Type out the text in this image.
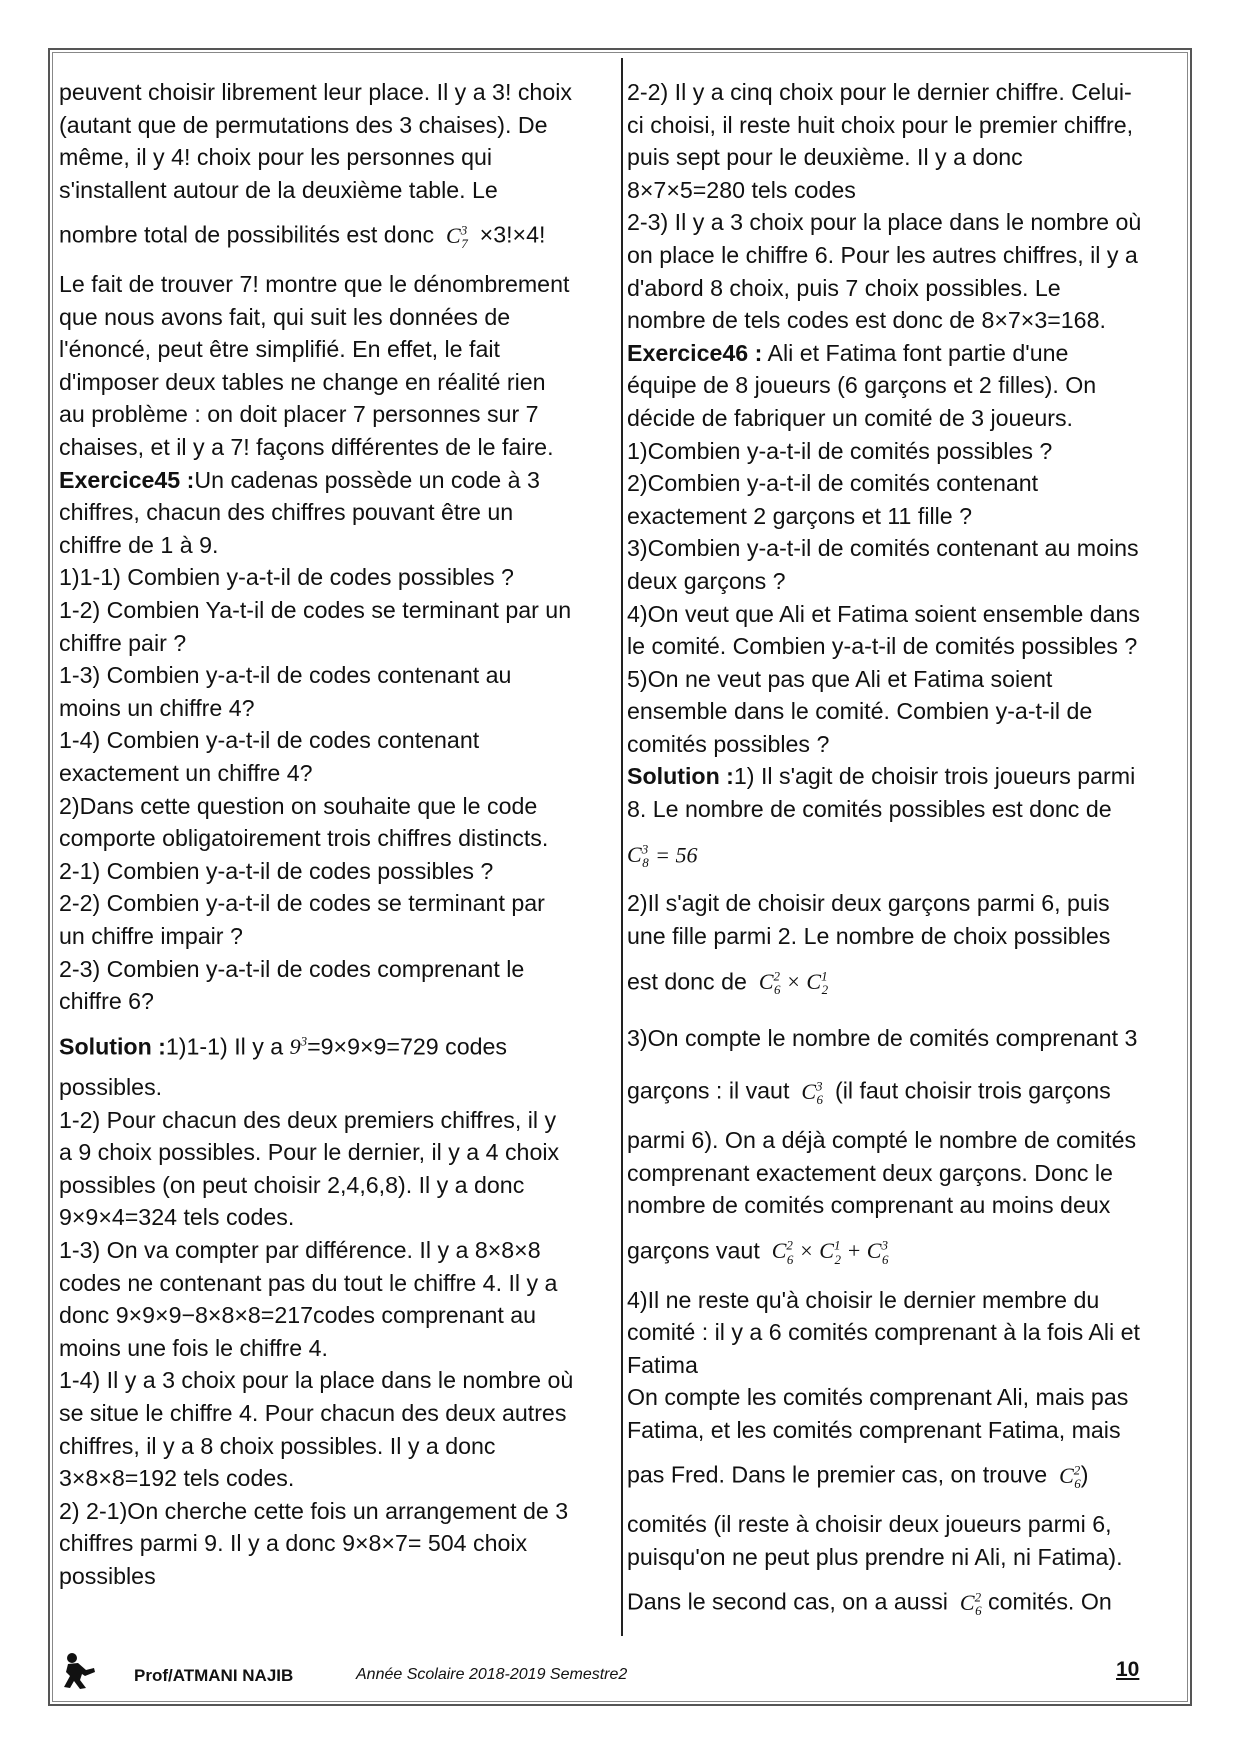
peuvent choisir librement leur place. Il y a 3! choix
(autant que de permutations des 3 chaises). De
même, il y 4! choix pour les personnes qui
s'installent autour de la deuxième table. Le
nombre total de possibilités est donc  $C^3_7 \times 3!\times 4$!
Le fait de trouver 7! montre que le dénombrement
que nous avons fait, qui suit les données de
l'énoncé, peut être simplifié. En effet, le fait
d'imposer deux tables ne change en réalité rien
au problème : on doit placer 7 personnes sur 7
chaises, et il y a 7! façons différentes de le faire.
Exercice45 :Un cadenas possède un code à 3
chiffres, chacun des chiffres pouvant être un
chiffre de 1 à 9.
1)1-1) Combien y-a-t-il de codes possibles ?
1-2) Combien Ya-t-il de codes se terminant par un
chiffre pair ?
1-3) Combien y-a-t-il de codes contenant au
moins un chiffre 4?
1-4) Combien y-a-t-il de codes contenant
exactement un chiffre 4?
2)Dans cette question on souhaite que le code
comporte obligatoirement trois chiffres distincts.
2-1) Combien y-a-t-il de codes possibles ?
2-2) Combien y-a-t-il de codes se terminant par
un chiffre impair ?
2-3) Combien y-a-t-il de codes comprenant le
chiffre 6?
Solution :1)1-1) Il y a $9^3=9\times 9\times 9=729$ codes
possibles.
1-2) Pour chacun des deux premiers chiffres, il y
a 9 choix possibles. Pour le dernier, il y a 4 choix
possibles (on peut choisir 2,4,6,8). Il y a donc
9×9×4=324 tels codes.
1-3) On va compter par différence. Il y a 8×8×8
codes ne contenant pas du tout le chiffre 4. Il y a
donc 9×9×9−8×8×8=217codes comprenant au
moins une fois le chiffre 4.
1-4) Il y a 3 choix pour la place dans le nombre où
se situe le chiffre 4. Pour chacun des deux autres
chiffres, il y a 8 choix possibles. Il y a donc
3×8×8=192 tels codes.
2) 2-1)On cherche cette fois un arrangement de 3
chiffres parmi 9. Il y a donc 9×8×7= 504 choix
possibles
2-2) Il y a cinq choix pour le dernier chiffre. Celui-
ci choisi, il reste huit choix pour le premier chiffre,
puis sept pour le deuxième. Il y a donc
8×7×5=280 tels codes
2-3) Il y a 3 choix pour la place dans le nombre où
on place le chiffre 6. Pour les autres chiffres, il y a
d'abord 8 choix, puis 7 choix possibles. Le
nombre de tels codes est donc de 8×7×3=168.
Exercice46 : Ali et Fatima font partie d'une
équipe de 8 joueurs (6 garçons et 2 filles). On
décide de fabriquer un comité de 3 joueurs.
1)Combien y-a-t-il de comités possibles ?
2)Combien y-a-t-il de comités contenant
exactement 2 garçons et 11 fille ?
3)Combien y-a-t-il de comités contenant au moins
deux garçons ?
4)On veut que Ali et Fatima soient ensemble dans
le comité. Combien y-a-t-il de comités possibles ?
5)On ne veut pas que Ali et Fatima soient
ensemble dans le comité. Combien y-a-t-il de
comités possibles ?
Solution :1) Il s'agit de choisir trois joueurs parmi
8. Le nombre de comités possibles est donc de
$C^3_8 = 56$
2)Il s'agit de choisir deux garçons parmi 6, puis
une fille parmi 2. Le nombre de choix possibles
est donc de  $C^2_6 \times C^1_2$
3)On compte le nombre de comités comprenant 3
garçons : il vaut  $C^3_6$ (il faut choisir trois garçons
parmi 6). On a déjà compté le nombre de comités
comprenant exactement deux garçons. Donc le
nombre de comités comprenant au moins deux
garçons vaut  $C^2_6 \times C^1_2 + C^3_6$
4)Il ne reste qu'à choisir le dernier membre du
comité : il y a 6 comités comprenant à la fois Ali et
Fatima
On compte les comités comprenant Ali, mais pas
Fatima, et les comités comprenant Fatima, mais
pas Fred. Dans le premier cas, on trouve  $C^2_6$)
comités (il reste à choisir deux joueurs parmi 6,
puisqu'on ne peut plus prendre ni Ali, ni Fatima).
Dans le second cas, on a aussi  $C^2_6$ comités. On
Prof/ATMANI NAJIB	Année Scolaire 2018-2019 Semestre2	10
